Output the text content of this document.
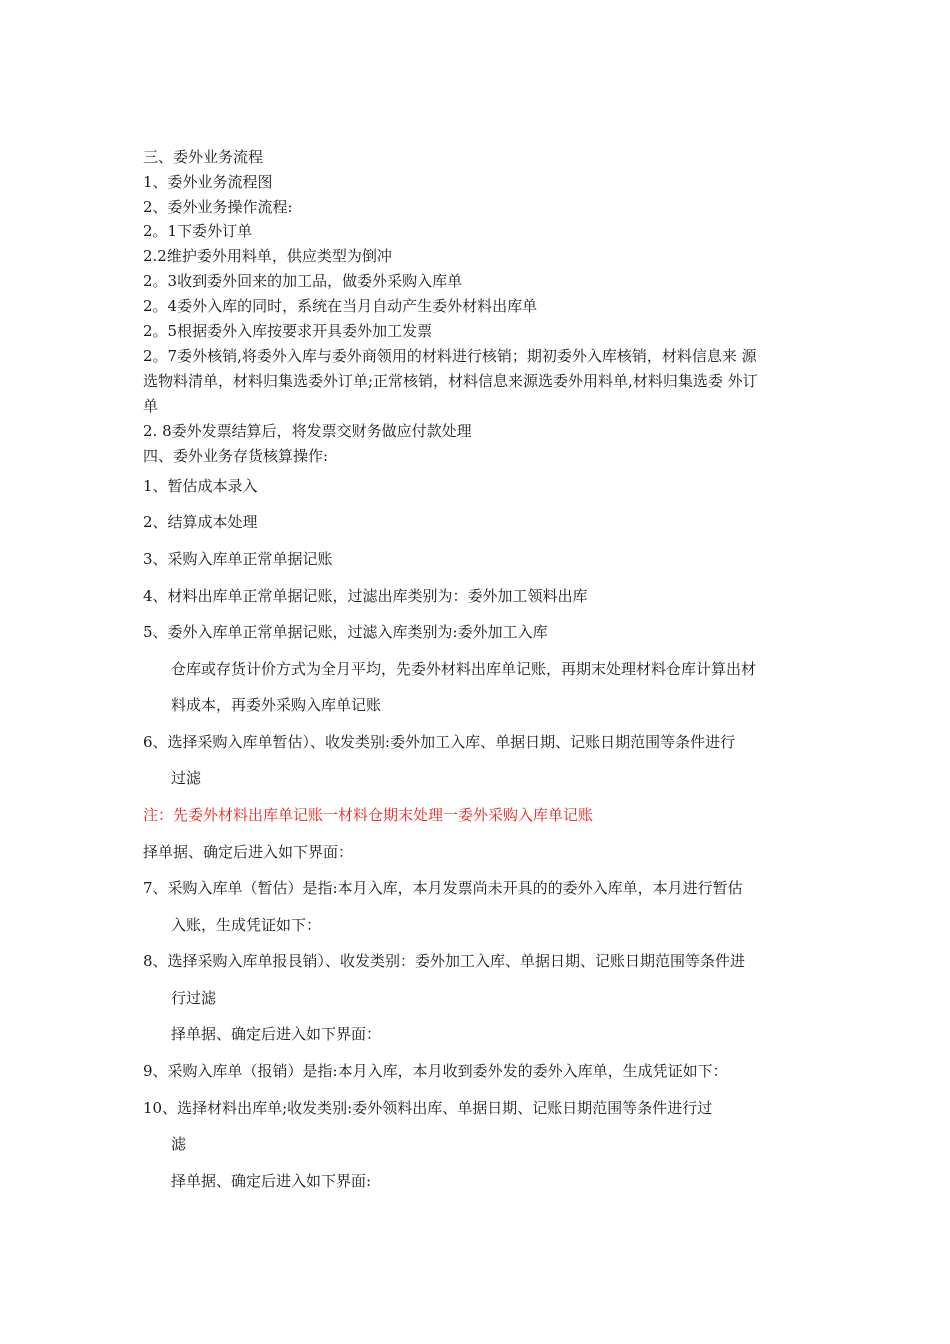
三、委外业务流程

1、委外业务流程图

2、委外业务操作流程:

2。1下委外订单

2.2维护委外用料单，供应类型为倒冲

2。3收到委外回来的加工品，做委外采购入库单

2。4委外入库的同时，系统在当月自动产生委外材料出库单

2。5根据委外入库按要求开具委外加工发票

2。7委外核销,将委外入库与委外商领用的材料进行核销；期初委外入库核销，材料信息来 源

选物料清单，材料归集选委外订单;正常核销，材料信息来源选委外用料单,材料归集选委 外订

单

2. 8委外发票结算后，将发票交财务做应付款处理

四、委外业务存货核算操作:

1、暂估成本录入

2、结算成本处理

3、采购入库单正常单据记账

4、材料出库单正常单据记账，过滤出库类别为：委外加工领料出库

5、委外入库单正常单据记账，过滤入库类别为:委外加工入库

仓库或存货计价方式为全月平均，先委外材料出库单记账，再期末处理材料仓库计算出材

料成本，再委外采购入库单记账

6、选择采购入库单暂估）、收发类别:委外加工入库、单据日期、记账日期范围等条件进行

过滤

注：先委外材料出库单记账一材料仓期末处理一委外采购入库单记账

择单据、确定后进入如下界面：

7、采购入库单（暂估）是指:本月入库，本月发票尚未开具的的委外入库单，本月进行暂估

入账，生成凭证如下：

8、选择采购入库单报艮销）、收发类别：委外加工入库、单据日期、记账日期范围等条件进

行过滤

择单据、确定后进入如下界面：

9、采购入库单（报销）是指:本月入库，本月收到委外发的委外入库单，生成凭证如下：

10、选择材料出库单;收发类别:委外领料出库、单据日期、记账日期范围等条件进行过

滤

择单据、确定后进入如下界面:
